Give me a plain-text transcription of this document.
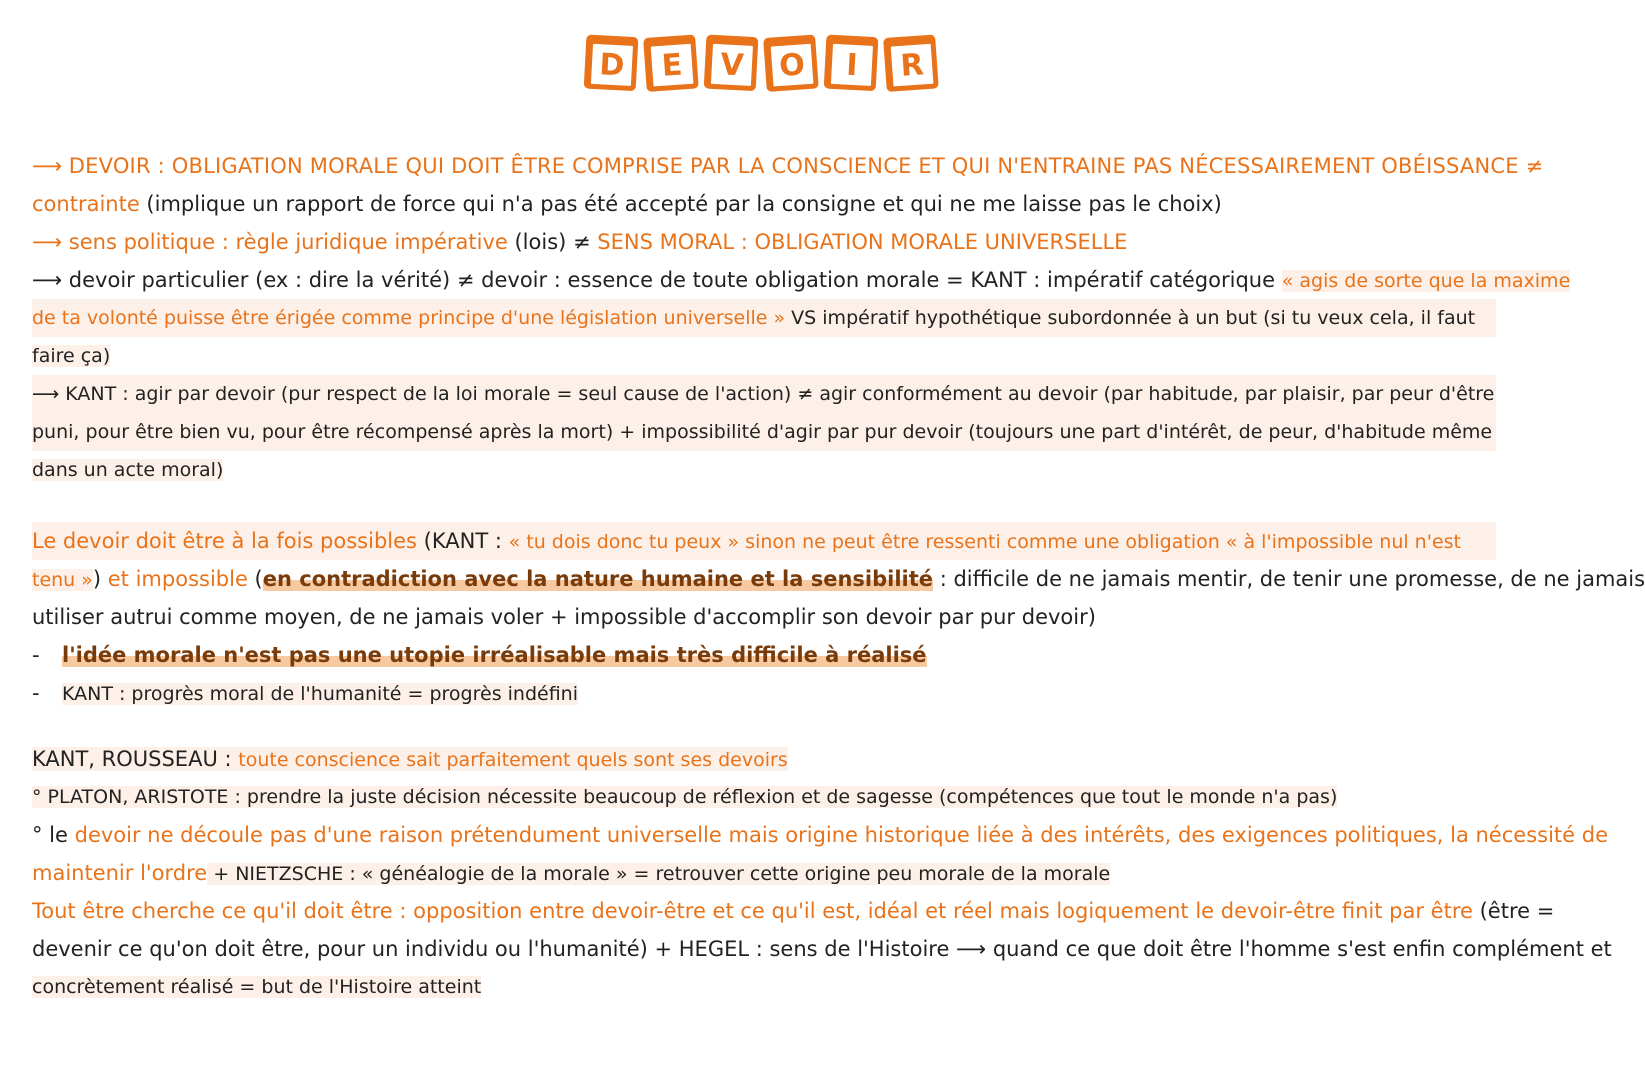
D	E	V	O	I	R
⟶ DEVOIR : OBLIGATION MORALE QUI DOIT ÊTRE COMPRISE PAR LA CONSCIENCE ET QUI N'ENTRAINE PAS NÉCESSAIREMENT OBÉISSANCE ≠
contrainte (implique un rapport de force qui n'a pas été accepté par la consigne et qui ne me laisse pas le choix)
⟶ sens politique : règle juridique impérative (lois) ≠ SENS MORAL : OBLIGATION MORALE UNIVERSELLE
⟶ devoir particulier (ex : dire la vérité) ≠ devoir : essence de toute obligation morale = KANT : impératif catégorique « agis de sorte que la maxime
de ta volonté puisse être érigée comme principe d'une législation universelle » VS impératif hypothétique subordonnée à un but (si tu veux cela, il faut
faire ça)
⟶ KANT : agir par devoir (pur respect de la loi morale = seul cause de l'action) ≠ agir conformément au devoir (par habitude, par plaisir, par peur d'être
puni, pour être bien vu, pour être récompensé après la mort) + impossibilité d'agir par pur devoir (toujours une part d'intérêt, de peur, d'habitude même
dans un acte moral)
Le devoir doit être à la fois possibles (KANT : « tu dois donc tu peux » sinon ne peut être ressenti comme une obligation « à l'impossible nul n'est
tenu ») et impossible (en contradiction avec la nature humaine et la sensibilité : difficile de ne jamais mentir, de tenir une promesse, de ne jamais
utiliser autrui comme moyen, de ne jamais voler + impossible d'accomplir son devoir par pur devoir)
- l'idée morale n'est pas une utopie irréalisable mais très difficile à réalisé
- KANT : progrès moral de l'humanité = progrès indéfini
KANT, ROUSSEAU : toute conscience sait parfaitement quels sont ses devoirs
° PLATON, ARISTOTE : prendre la juste décision nécessite beaucoup de réflexion et de sagesse (compétences que tout le monde n'a pas)
° le devoir ne découle pas d'une raison prétendument universelle mais origine historique liée à des intérêts, des exigences politiques, la nécessité de
maintenir l'ordre + NIETZSCHE : « généalogie de la morale » = retrouver cette origine peu morale de la morale
Tout être cherche ce qu'il doit être : opposition entre devoir-être et ce qu'il est, idéal et réel mais logiquement le devoir-être finit par être (être =
devenir ce qu'on doit être, pour un individu ou l'humanité) + HEGEL : sens de l'Histoire ⟶ quand ce que doit être l'homme s'est enfin complément et
concrètement réalisé = but de l'Histoire atteint
